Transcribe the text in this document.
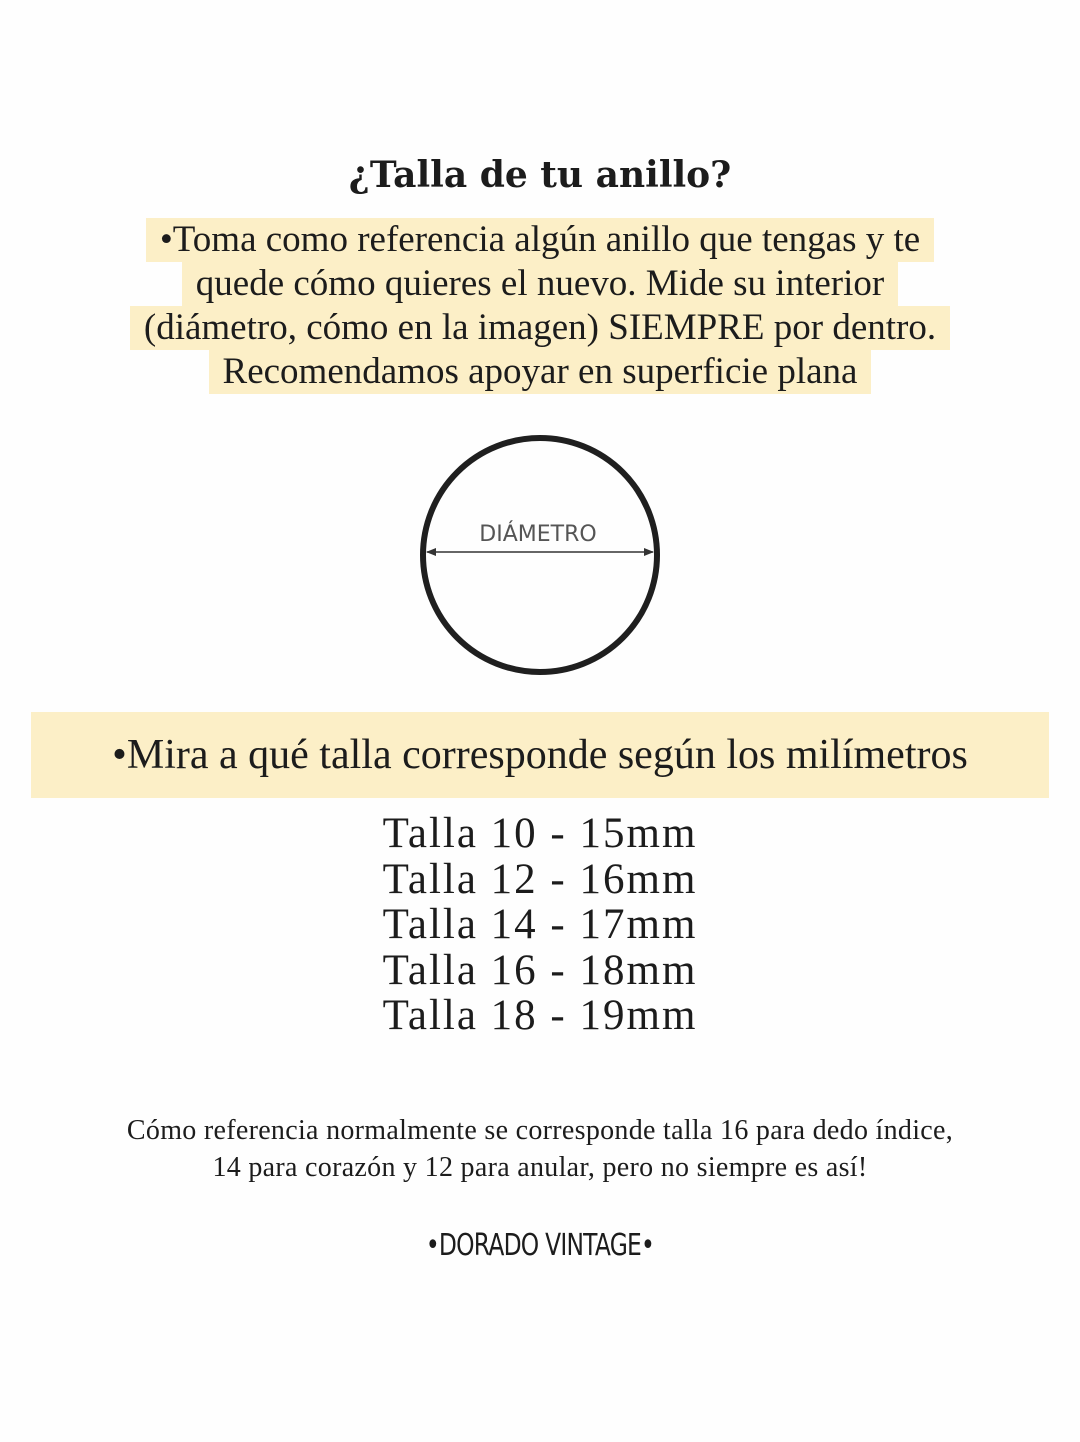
¿Talla de tu anillo?
•Toma como referencia algún anillo que tengas y te
quede cómo quieres el nuevo. Mide su interior
(diámetro, cómo en la imagen) SIEMPRE por dentro.
Recomendamos apoyar en superficie plana
DIÁMETRO
•Mira a qué talla corresponde según los milímetros
Talla 10 - 15mm
Talla 12 - 16mm
Talla 14 - 17mm
Talla 16 - 18mm
Talla 18 - 19mm
Cómo referencia normalmente se corresponde talla 16 para dedo índice,
14 para corazón y 12 para anular, pero no siempre es así!
•DORADO VINTAGE•
